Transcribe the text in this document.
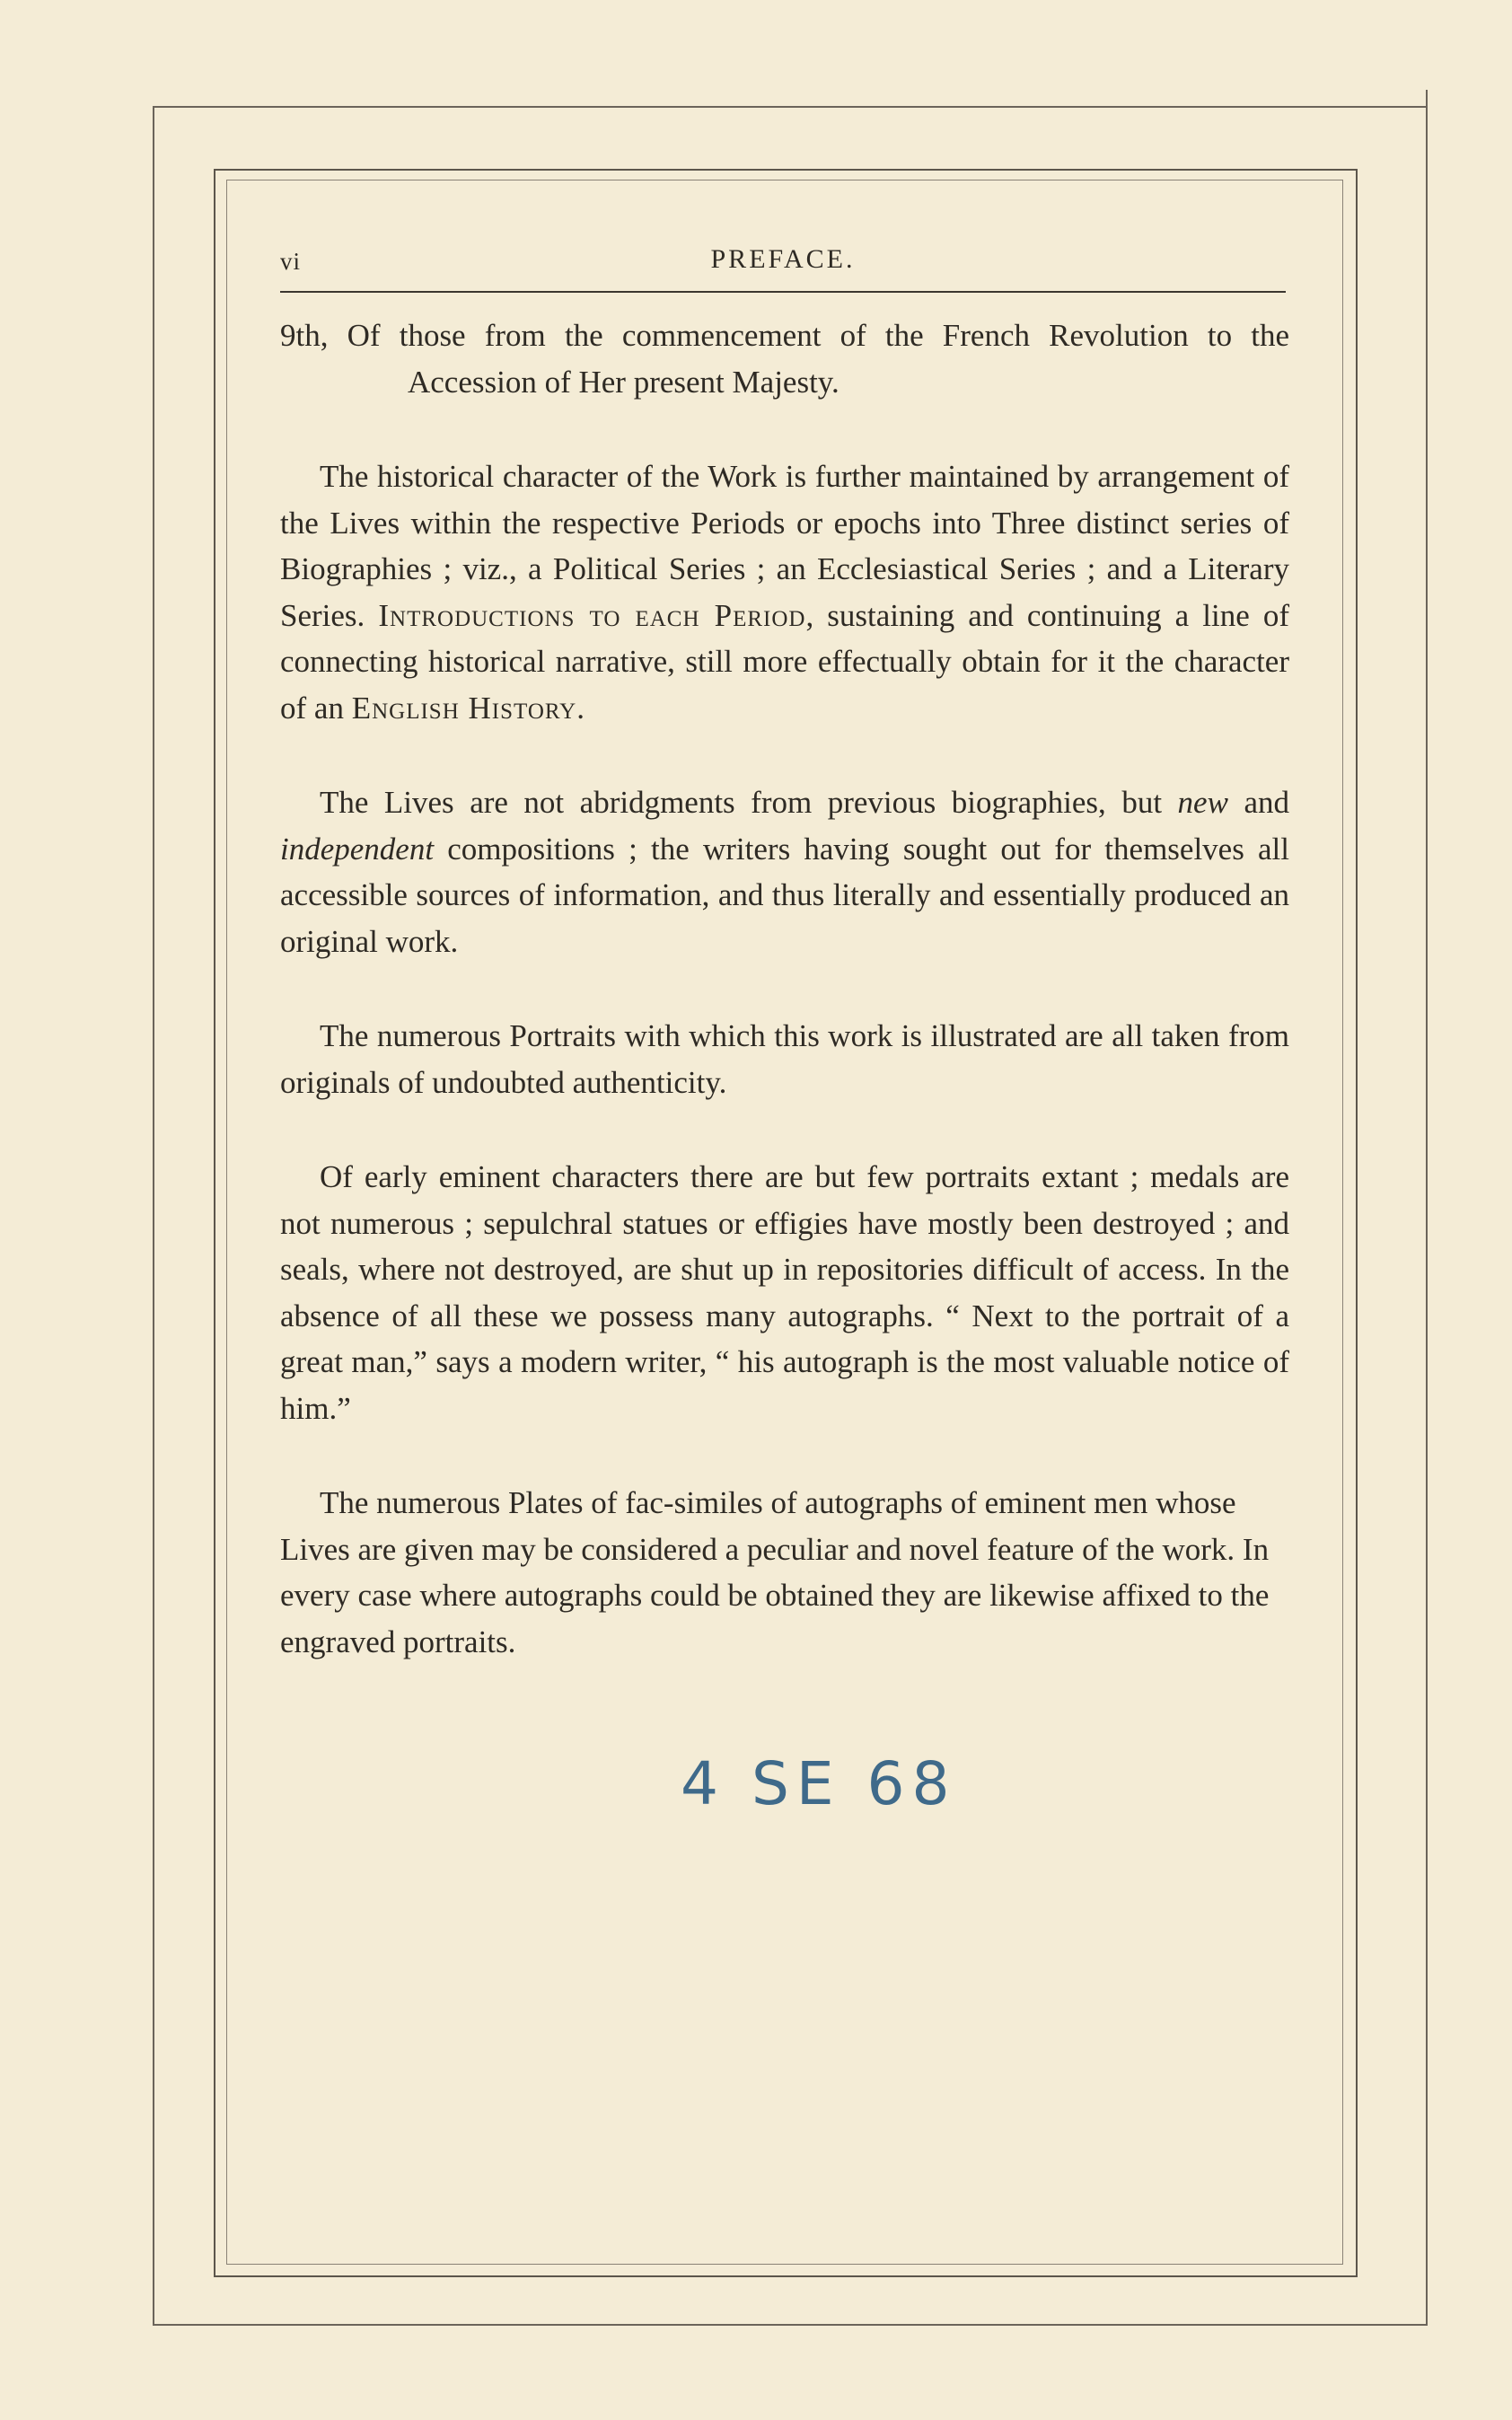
vi	PREFACE.

9th, Of those from the commencement of the French Revolution to the Accession of Her present Majesty.

The historical character of the Work is further maintained by arrangement of the Lives within the respective Periods or epochs into Three distinct series of Biographies ; viz., a Political Series ; an Ecclesiastical Series ; and a Literary Series. Introductions to each Period, sustaining and continuing a line of connecting historical narrative, still more effectually obtain for it the character of an English History.

The Lives are not abridgments from previous biographies, but new and independent compositions ; the writers having sought out for themselves all accessible sources of information, and thus literally and essentially produced an original work.

The numerous Portraits with which this work is illustrated are all taken from originals of undoubted authenticity.

Of early eminent characters there are but few portraits extant ; medals are not numerous ; sepulchral statues or effigies have mostly been destroyed ; and seals, where not destroyed, are shut up in repositories difficult of access. In the absence of all these we possess many autographs. “ Next to the portrait of a great man,” says a modern writer, “ his autograph is the most valuable notice of him.”

The numerous Plates of fac-similes of autographs of eminent men whose Lives are given may be considered a peculiar and novel feature of the work. In every case where autographs could be obtained they are likewise affixed to the engraved portraits.

4 SE 68
